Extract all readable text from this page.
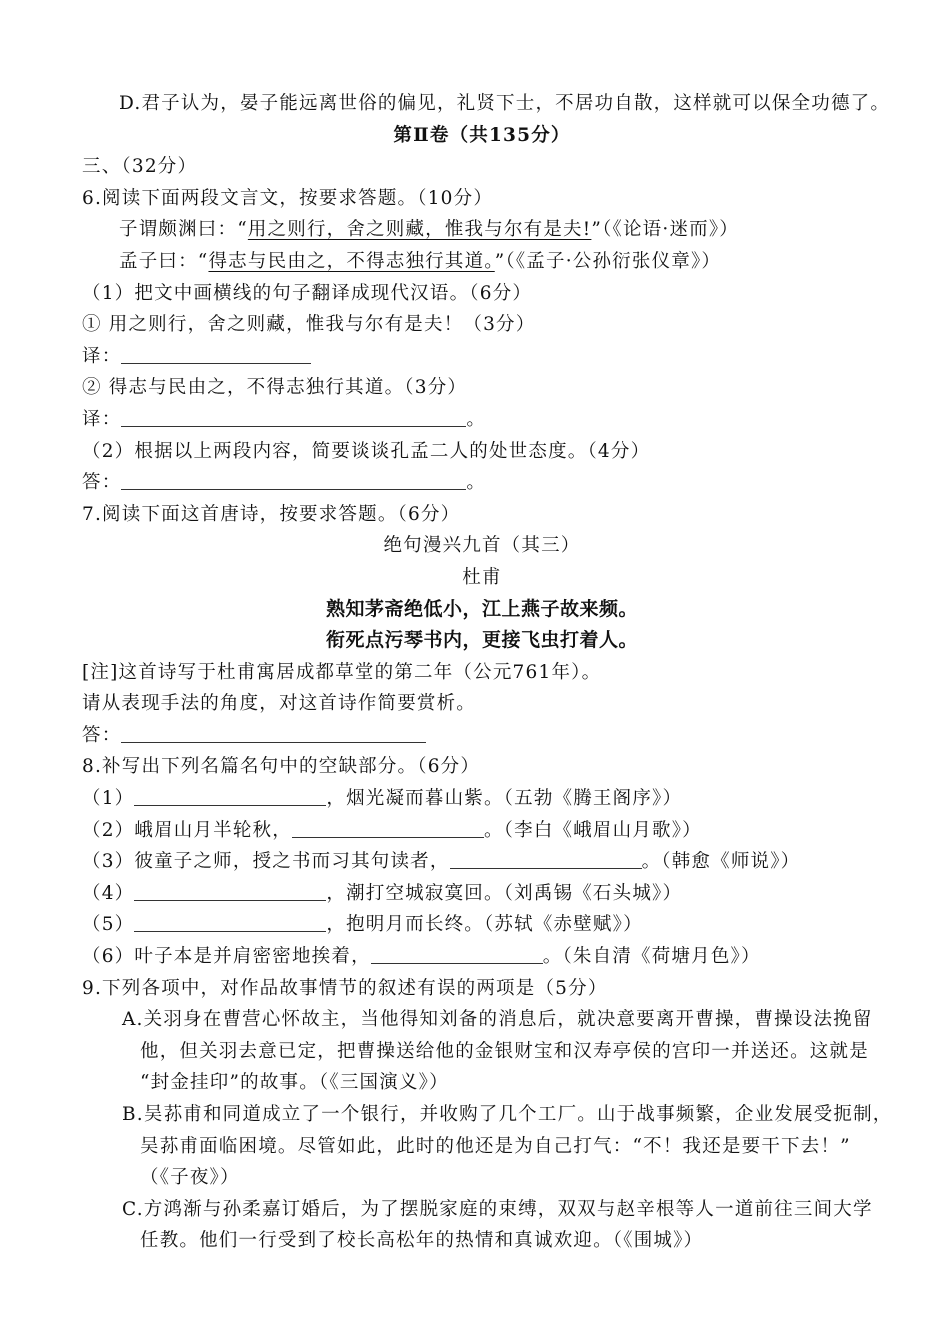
D.君子认为，晏子能远离世俗的偏见，礼贤下士，不居功自散，这样就可以保全功德了。
第Ⅱ卷（共135分）
三、（32分）
6.阅读下面两段文言文，按要求答题。（10分）
子谓颇渊曰：“用之则行，舍之则藏，惟我与尔有是夫!”（《论语·迷而》）
孟子曰：“得志与民由之，不得志独行其道。”（《孟子·公孙衍张仪章》）
（1）把文中画横线的句子翻译成现代汉语。（6分）
① 用之则行，舍之则藏，惟我与尔有是夫！（3分）
译：
② 得志与民由之，不得志独行其道。（3分）
译：	。
（2）根据以上两段内容，简要谈谈孔孟二人的处世态度。（4分）
答：	。
7.阅读下面这首唐诗，按要求答题。（6分）
绝句漫兴九首（其三）
杜甫
熟知茅斋绝低小，江上燕子故来频。
衔死点污琴书内，更接飞虫打着人。
[注]这首诗写于杜甫寓居成都草堂的第二年（公元761年）。
请从表现手法的角度，对这首诗作简要赏析。
答：
8.补写出下列名篇名句中的空缺部分。（6分）
（1）	，烟光凝而暮山紫。（五勃《腾王阁序》）
（2）峨眉山月半轮秋，	。（李白《峨眉山月歌》）
（3）彼童子之师，授之书而习其句读者，	。（韩愈《师说》）
（4）	，潮打空城寂寞回。（刘禹锡《石头城》）
（5）	，抱明月而长终。（苏轼《赤壁赋》）
（6）叶子本是并肩密密地挨着，	。（朱自清《荷塘月色》）
9.下列各项中，对作品故事情节的叙述有误的两项是（5分）
A.关羽身在曹营心怀故主，当他得知刘备的消息后，就决意要离开曹操，曹操设法挽留
他，但关羽去意已定，把曹操送给他的金银财宝和汉寿亭侯的宫印一并送还。这就是
“封金挂印”的故事。（《三国演义》）
B.吴荪甫和同道成立了一个银行，并收购了几个工厂。山于战事频繁，企业发展受扼制，
吴荪甫面临困境。尽管如此，此时的他还是为自己打气：“不！我还是要干下去！”
（《子夜》）
C.方鸿渐与孙柔嘉订婚后，为了摆脱家庭的束缚，双双与赵辛根等人一道前往三间大学
任教。他们一行受到了校长高松年的热情和真诚欢迎。（《围城》）
